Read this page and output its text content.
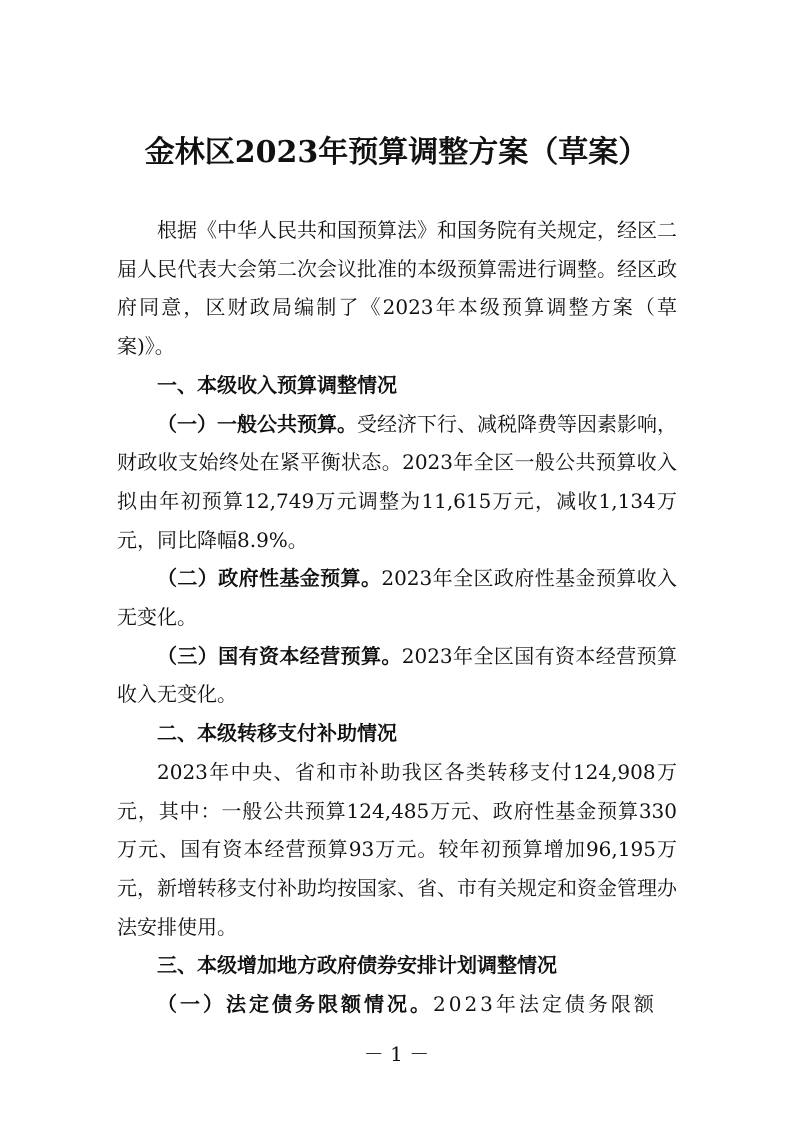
金林区2023年预算调整方案（草案）

根据《中华人民共和国预算法》和国务院有关规定，经区二届人民代表大会第二次会议批准的本级预算需进行调整。经区政府同意，区财政局编制了《2023年本级预算调整方案（草案)》。

一、本级收入预算调整情况

（一）一般公共预算。受经济下行、减税降费等因素影响，财政收支始终处在紧平衡状态。2023年全区一般公共预算收入拟由年初预算12,749万元调整为11,615万元，减收1,134万元，同比降幅8.9%。

（二）政府性基金预算。2023年全区政府性基金预算收入无变化。

（三）国有资本经营预算。2023年全区国有资本经营预算收入无变化。

二、本级转移支付补助情况

2023年中央、省和市补助我区各类转移支付124,908万元，其中：一般公共预算124,485万元、政府性基金预算330万元、国有资本经营预算93万元。较年初预算增加96,195万元，新增转移支付补助均按国家、省、市有关规定和资金管理办法安排使用。

三、本级增加地方政府债券安排计划调整情况

（一）法定债务限额情况。2023年法定债务限额

－ 1 －
